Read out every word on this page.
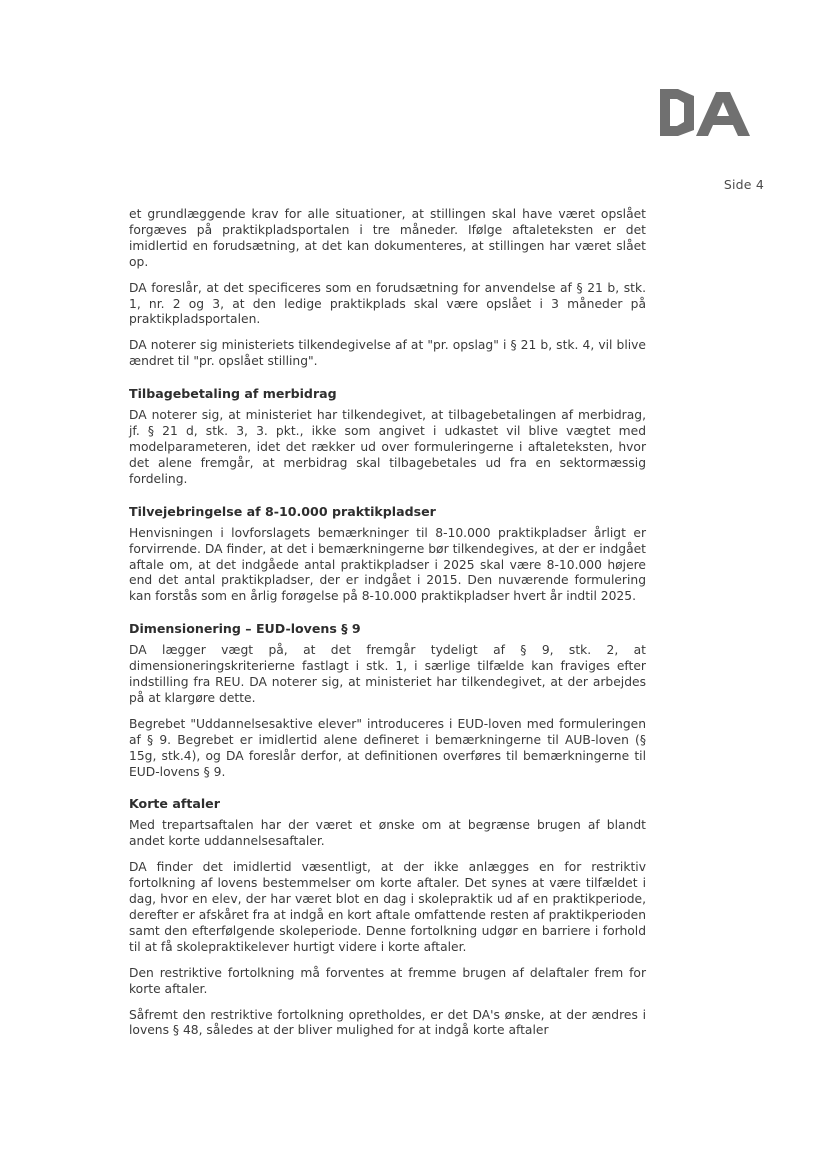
Side 4

et grundlæggende krav for alle situationer, at stillingen skal have været opslået forgæves på praktikpladsportalen i tre måneder. Ifølge aftaleteksten er det imidlertid en forudsætning, at det kan dokumenteres, at stillingen har været slået op.

DA foreslår, at det specificeres som en forudsætning for anvendelse af § 21 b, stk. 1, nr. 2 og 3, at den ledige praktikplads skal være opslået i 3 måneder på praktikpladsportalen.

DA noterer sig ministeriets tilkendegivelse af at "pr. opslag" i § 21 b, stk. 4, vil blive ændret til "pr. opslået stilling".

Tilbagebetaling af merbidrag

DA noterer sig, at ministeriet har tilkendegivet, at tilbagebetalingen af merbidrag, jf. § 21 d, stk. 3, 3. pkt., ikke som angivet i udkastet vil blive vægtet med modelparameteren, idet det rækker ud over formuleringerne i aftaleteksten, hvor det alene fremgår, at merbidrag skal tilbagebetales ud fra en sektormæssig fordeling.

Tilvejebringelse af 8-10.000 praktikpladser

Henvisningen i lovforslagets bemærkninger til 8-10.000 praktikpladser årligt er forvirrende. DA finder, at det i bemærkningerne bør tilkendegives, at der er indgået aftale om, at det indgåede antal praktikpladser i 2025 skal være 8-10.000 højere end det antal praktikpladser, der er indgået i 2015. Den nuværende formulering kan forstås som en årlig forøgelse på 8-10.000 praktikpladser hvert år indtil 2025.

Dimensionering – EUD-lovens § 9

DA lægger vægt på, at det fremgår tydeligt af § 9, stk. 2, at dimensioneringskriterierne fastlagt i stk. 1, i særlige tilfælde kan fraviges efter indstilling fra REU. DA noterer sig, at ministeriet har tilkendegivet, at der arbejdes på at klargøre dette.

Begrebet "Uddannelsesaktive elever" introduceres i EUD-loven med formuleringen af § 9. Begrebet er imidlertid alene defineret i bemærkningerne til AUB-loven (§ 15g, stk.4), og DA foreslår derfor, at definitionen overføres til bemærkningerne til EUD-lovens § 9.

Korte aftaler

Med trepartsaftalen har der været et ønske om at begrænse brugen af blandt andet korte uddannelsesaftaler.

DA finder det imidlertid væsentligt, at der ikke anlægges en for restriktiv fortolkning af lovens bestemmelser om korte aftaler. Det synes at være tilfældet i dag, hvor en elev, der har været blot en dag i skolepraktik ud af en praktikperiode, derefter er afskåret fra at indgå en kort aftale omfattende resten af praktikperioden samt den efterfølgende skoleperiode. Denne fortolkning udgør en barriere i forhold til at få skolepraktikelever hurtigt videre i korte aftaler.

Den restriktive fortolkning må forventes at fremme brugen af delaftaler frem for korte aftaler.

Såfremt den restriktive fortolkning opretholdes, er det DA's ønske, at der ændres i lovens § 48, således at der bliver mulighed for at indgå korte aftaler
